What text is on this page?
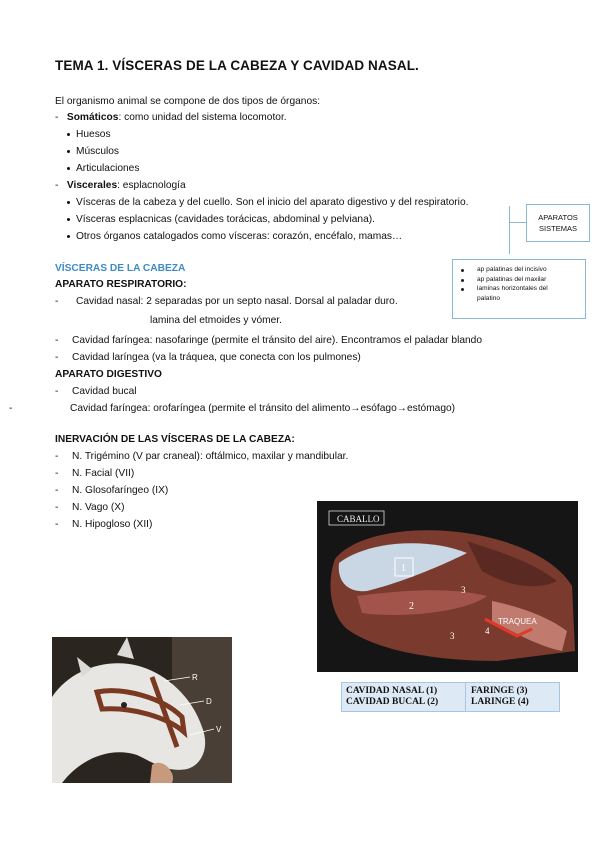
TEMA 1. VÍSCERAS DE LA CABEZA Y CAVIDAD NASAL.
El organismo animal se compone de dos tipos de órganos:
- Somáticos: como unidad del sistema locomotor.
Huesos
Músculos
Articulaciones
- Viscerales: esplacnología
Vísceras de la cabeza y del cuello. Son el inicio del aparato digestivo y del respiratorio.
Vísceras esplacnicas (cavidades torácicas, abdominal y pelviana).
Otros órganos catalogados como vísceras: corazón, encéfalo, mamas…
APARATOS
SISTEMAS
ap palatinas del incisivo
ap palatinas del maxilar
laminas horizontales del
palatino
VÍSCERAS DE LA CABEZA
APARATO RESPIRATORIO:
- Cavidad nasal: 2 separadas por un septo nasal. Dorsal al paladar duro.
lamina del etmoides y vómer.
- Cavidad faríngea: nasofaringe (permite el tránsito del aire). Encontramos el paladar blando
- Cavidad laríngea (va la tráquea, que conecta con los pulmones)
APARATO DIGESTIVO
- Cavidad bucal
-	Cavidad faríngea: orofaríngea (permite el tránsito del alimento→esófago→estómago)
INERVACIÓN DE LAS VÍSCERAS DE LA CABEZA:
- N. Trigémino (V par craneal): oftálmico, maxilar y mandibular.
- N. Facial (VII)
- N. Glosofaríngeo (IX)
- N. Vago (X)
- N. Hipogloso (XII)	CABALLO
1
2
3
3	4
TRAQUEA
CAVIDAD NASAL (1)
CAVIDAD BUCAL (2)
FARINGE (3)
LARINGE (4)
R
D
V
